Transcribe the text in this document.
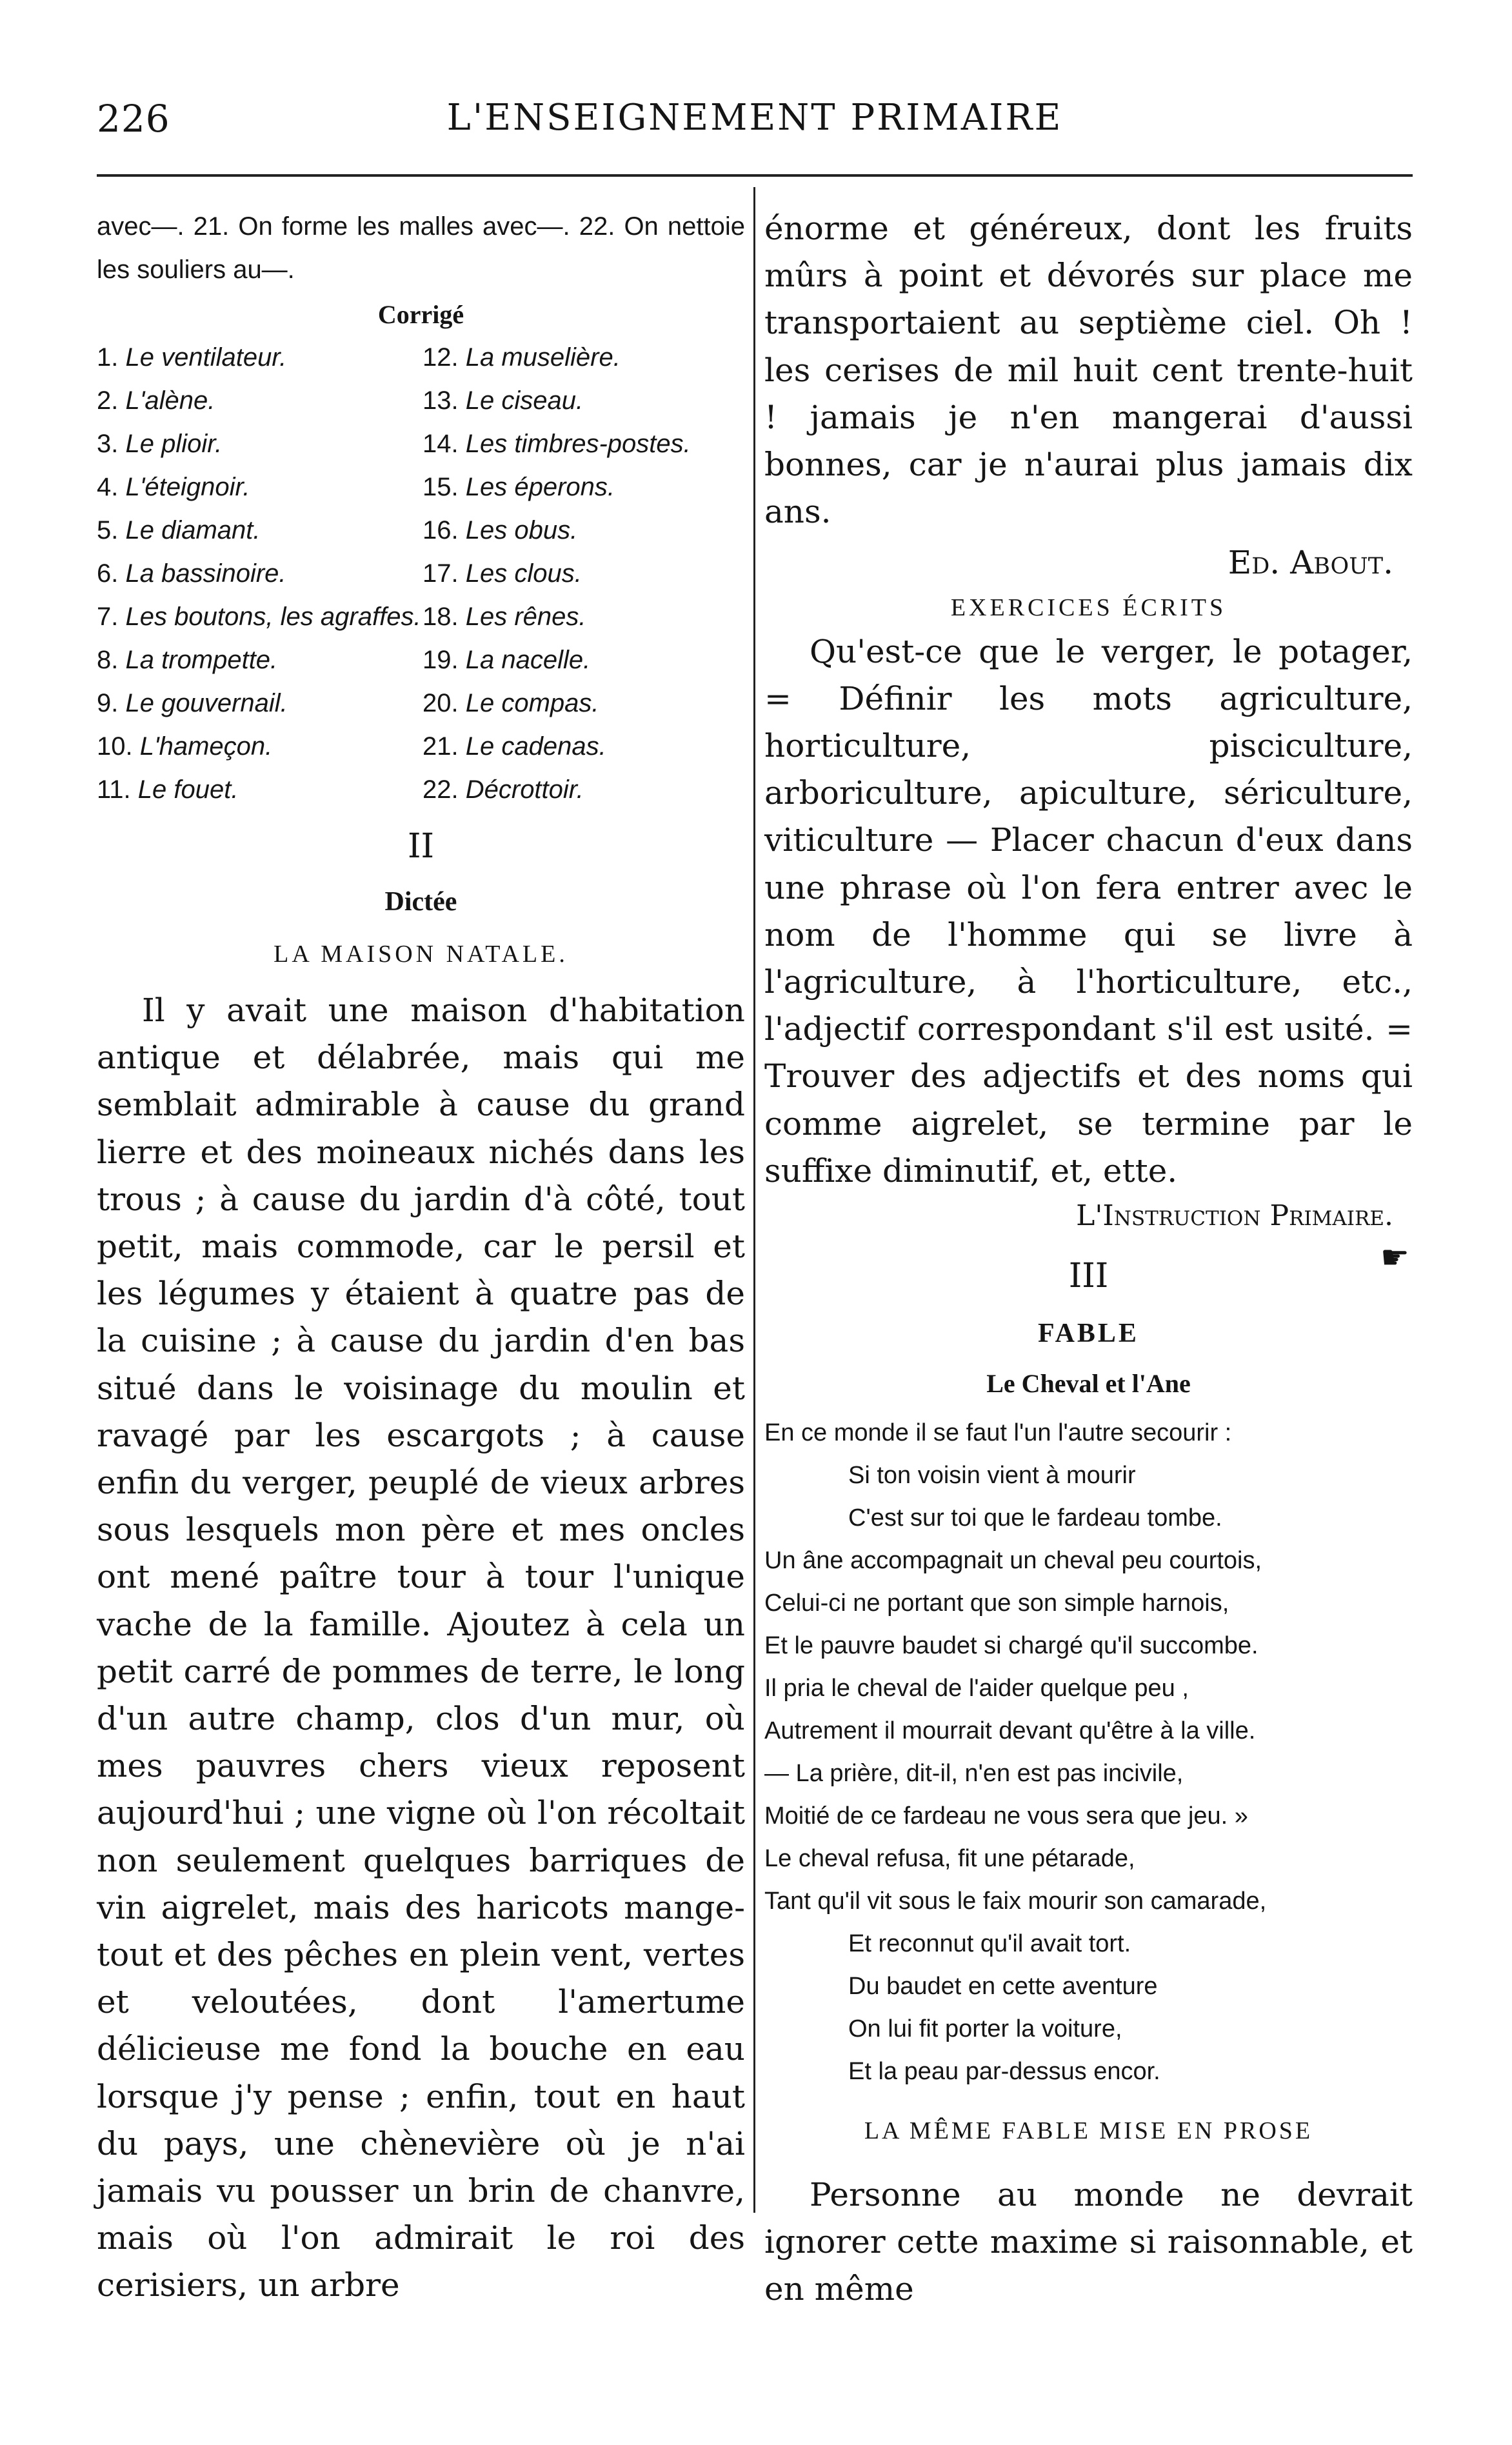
226	L'ENSEIGNEMENT PRIMAIRE

avec—. 21. On forme les malles avec—. 22. On nettoie les souliers au—.

Corrigé

1. Le ventilateur.	12. La muselière.
2. L'alène.	13. Le ciseau.
3. Le plioir.	14. Les timbres-postes.
4. L'éteignoir.	15. Les éperons.
5. Le diamant.	16. Les obus.
6. La bassinoire.	17. Les clous.
7. Les boutons, les agraffes. 18. Les rênes.
8. La trompette.	19. La nacelle.
9. Le gouvernail.	20. Le compas.
10. L'hameçon.	21. Le cadenas.
11. Le fouet.	22. Décrottoir.

II

Dictée

LA MAISON NATALE.

Il y avait une maison d'habitation antique et délabrée, mais qui me semblait admirable à cause du grand lierre et des moineaux nichés dans les trous ; à cause du jardin d'à côté, tout petit, mais commode, car le persil et les légumes y étaient à quatre pas de la cuisine ; à cause du jardin d'en bas situé dans le voisinage du moulin et ravagé par les escargots ; à cause enfin du verger, peuplé de vieux arbres sous lesquels mon père et mes oncles ont mené paître tour à tour l'unique vache de la famille. Ajoutez à cela un petit carré de pommes de terre, le long d'un autre champ, clos d'un mur, où mes pauvres chers vieux reposent aujourd'hui ; une vigne où l'on récoltait non seulement quelques barriques de vin aigrelet, mais des haricots mange-tout et des pêches en plein vent, vertes et veloutées, dont l'amertume délicieuse me fond la bouche en eau lorsque j'y pense ; enfin, tout en haut du pays, une chènevière où je n'ai jamais vu pousser un brin de chanvre, mais où l'on admirait le roi des cerisiers, un arbre

énorme et généreux, dont les fruits mûrs à point et dévorés sur place me transportaient au septième ciel. Oh ! les cerises de mil huit cent trente-huit ! jamais je n'en mangerai d'aussi bonnes, car je n'aurai plus jamais dix ans.

Ed. About.

EXERCICES ÉCRITS

Qu'est-ce que le verger, le potager, = Définir les mots agriculture, horticulture, pisciculture, arboriculture, apiculture, sériculture, viticulture — Placer chacun d'eux dans une phrase où l'on fera entrer avec le nom de l'homme qui se livre à l'agriculture, à l'horticulture, etc., l'adjectif correspondant s'il est usité. = Trouver des adjectifs et des noms qui comme aigrelet, se termine par le suffixe diminutif, et, ette.

L'Instruction Primaire.

III

FABLE

Le Cheval et l'Ane

En ce monde il se faut l'un l'autre secourir :
Si ton voisin vient à mourir
C'est sur toi que le fardeau tombe.
Un âne accompagnait un cheval peu courtois,
Celui-ci ne portant que son simple harnois,
Et le pauvre baudet si chargé qu'il succombe.
Il pria le cheval de l'aider quelque peu ,
Autrement il mourrait devant qu'être à la ville.
— La prière, dit-il, n'en est pas incivile,
Moitié de ce fardeau ne vous sera que jeu. »
Le cheval refusa, fit une pétarade,
Tant qu'il vit sous le faix mourir son camarade,
Et reconnut qu'il avait tort.
Du baudet en cette aventure
On lui fit porter la voiture,
Et la peau par-dessus encor.

LA MÊME FABLE MISE EN PROSE

Personne au monde ne devrait ignorer cette maxime si raisonnable, et en même

☛
